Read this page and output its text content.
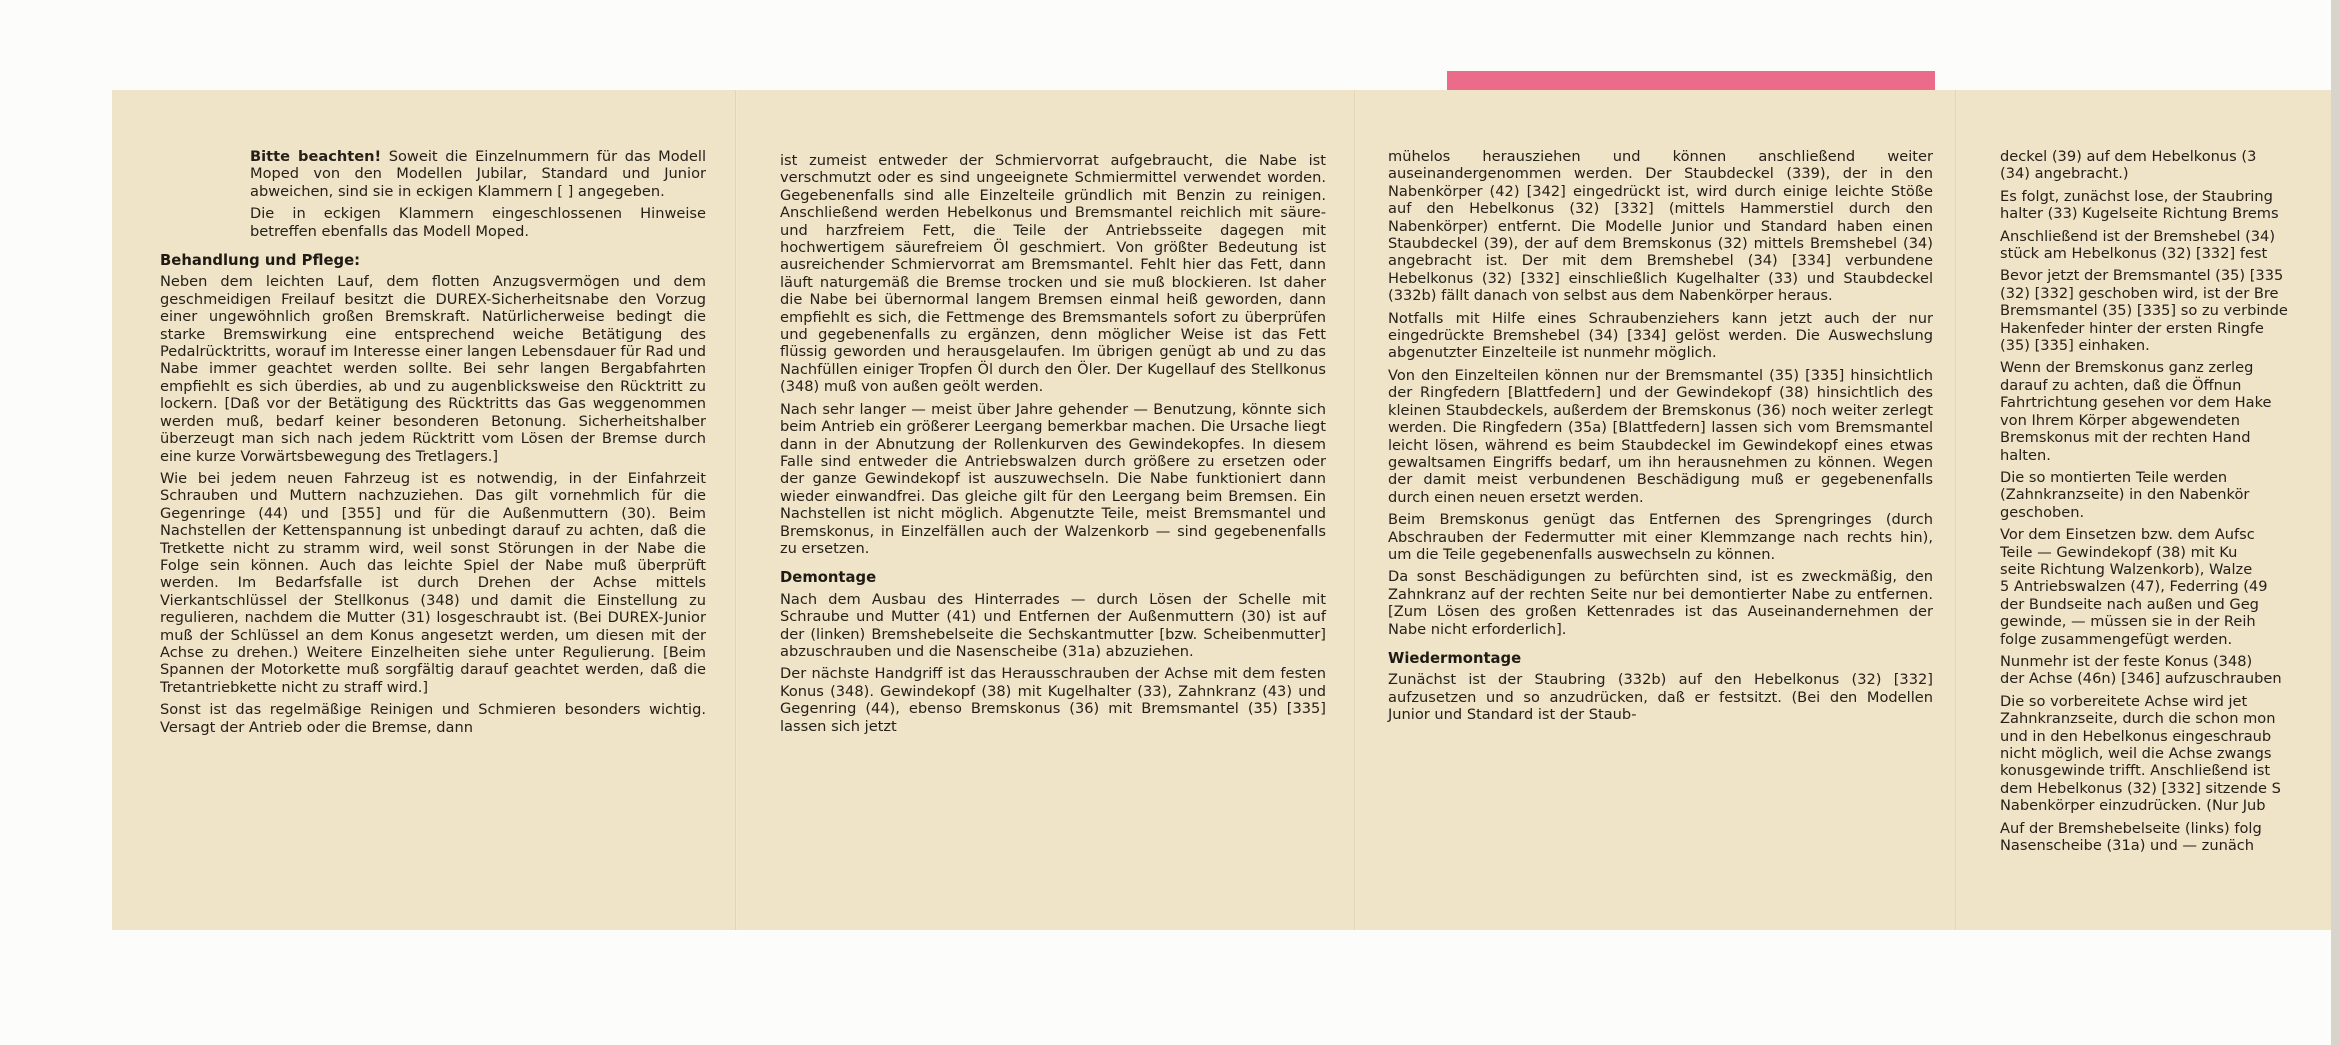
Bitte beachten! Soweit die Einzelnummern für das Modell Moped von den Modellen Jubilar, Standard und Junior abweichen, sind sie in eckigen Klammern [ ] angegeben.

Die in eckigen Klammern eingeschlossenen Hinweise betreffen ebenfalls das Modell Moped.

Behandlung und Pflege:

Neben dem leichten Lauf, dem flotten Anzugsvermögen und dem geschmeidigen Freilauf besitzt die DUREX-Sicherheitsnabe den Vorzug einer ungewöhnlich großen Bremskraft. Natürlicherweise bedingt die starke Bremswirkung eine entsprechend weiche Betätigung des Pedalrücktritts, worauf im Interesse einer langen Lebensdauer für Rad und Nabe immer geachtet werden sollte. Bei sehr langen Bergabfahrten empfiehlt es sich überdies, ab und zu augenblicksweise den Rücktritt zu lockern. [Daß vor der Betätigung des Rücktritts das Gas weggenommen werden muß, bedarf keiner besonderen Betonung. Sicherheitshalber überzeugt man sich nach jedem Rücktritt vom Lösen der Bremse durch eine kurze Vorwärtsbewegung des Tretlagers.]

Wie bei jedem neuen Fahrzeug ist es notwendig, in der Einfahrzeit Schrauben und Muttern nachzuziehen. Das gilt vornehmlich für die Gegenringe (44) und [355] und für die Außenmuttern (30). Beim Nachstellen der Kettenspannung ist unbedingt darauf zu achten, daß die Tretkette nicht zu stramm wird, weil sonst Störungen in der Nabe die Folge sein können. Auch das leichte Spiel der Nabe muß überprüft werden. Im Bedarfsfalle ist durch Drehen der Achse mittels Vierkantschlüssel der Stellkonus (348) und damit die Einstellung zu regulieren, nachdem die Mutter (31) losgeschraubt ist. (Bei DUREX-Junior muß der Schlüssel an dem Konus angesetzt werden, um diesen mit der Achse zu drehen.) Weitere Einzelheiten siehe unter Regulierung. [Beim Spannen der Motorkette muß sorgfältig darauf geachtet werden, daß die Tretantriebkette nicht zu straff wird.]

Sonst ist das regelmäßige Reinigen und Schmieren besonders wichtig. Versagt der Antrieb oder die Bremse, dann

ist zumeist entweder der Schmiervorrat aufgebraucht, die Nabe ist verschmutzt oder es sind ungeeignete Schmiermittel verwendet worden. Gegebenenfalls sind alle Einzelteile gründlich mit Benzin zu reinigen. Anschließend werden Hebelkonus und Bremsmantel reichlich mit säure- und harzfreiem Fett, die Teile der Antriebsseite dagegen mit hochwertigem säurefreiem Öl geschmiert. Von größter Bedeutung ist ausreichender Schmiervorrat am Bremsmantel. Fehlt hier das Fett, dann läuft naturgemäß die Bremse trocken und sie muß blockieren. Ist daher die Nabe bei übernormal langem Bremsen einmal heiß geworden, dann empfiehlt es sich, die Fettmenge des Bremsmantels sofort zu überprüfen und gegebenenfalls zu ergänzen, denn möglicher Weise ist das Fett flüssig geworden und herausgelaufen. Im übrigen genügt ab und zu das Nachfüllen einiger Tropfen Öl durch den Öler. Der Kugellauf des Stellkonus (348) muß von außen geölt werden.

Nach sehr langer — meist über Jahre gehender — Benutzung, könnte sich beim Antrieb ein größerer Leergang bemerkbar machen. Die Ursache liegt dann in der Abnutzung der Rollenkurven des Gewindekopfes. In diesem Falle sind entweder die Antriebswalzen durch größere zu ersetzen oder der ganze Gewindekopf ist auszuwechseln. Die Nabe funktioniert dann wieder einwandfrei. Das gleiche gilt für den Leergang beim Bremsen. Ein Nachstellen ist nicht möglich. Abgenutzte Teile, meist Bremsmantel und Bremskonus, in Einzelfällen auch der Walzenkorb — sind gegebenenfalls zu ersetzen.

Demontage

Nach dem Ausbau des Hinterrades — durch Lösen der Schelle mit Schraube und Mutter (41) und Entfernen der Außenmuttern (30) ist auf der (linken) Bremshebelseite die Sechskantmutter [bzw. Scheibenmutter] abzuschrauben und die Nasenscheibe (31a) abzuziehen.

Der nächste Handgriff ist das Herausschrauben der Achse mit dem festen Konus (348). Gewindekopf (38) mit Kugelhalter (33), Zahnkranz (43) und Gegenring (44), ebenso Bremskonus (36) mit Bremsmantel (35) [335] lassen sich jetzt

mühelos herausziehen und können anschließend weiter auseinandergenommen werden. Der Staubdeckel (339), der in den Nabenkörper (42) [342] eingedrückt ist, wird durch einige leichte Stöße auf den Hebelkonus (32) [332] (mittels Hammerstiel durch den Nabenkörper) entfernt. Die Modelle Junior und Standard haben einen Staubdeckel (39), der auf dem Bremskonus (32) mittels Bremshebel (34) angebracht ist. Der mit dem Bremshebel (34) [334] verbundene Hebelkonus (32) [332] einschließlich Kugelhalter (33) und Staubdeckel (332b) fällt danach von selbst aus dem Nabenkörper heraus.

Notfalls mit Hilfe eines Schraubenziehers kann jetzt auch der nur eingedrückte Bremshebel (34) [334] gelöst werden. Die Auswechslung abgenutzter Einzelteile ist nunmehr möglich.

Von den Einzelteilen können nur der Bremsmantel (35) [335] hinsichtlich der Ringfedern [Blattfedern] und der Gewindekopf (38) hinsichtlich des kleinen Staubdeckels, außerdem der Bremskonus (36) noch weiter zerlegt werden. Die Ringfedern (35a) [Blattfedern] lassen sich vom Bremsmantel leicht lösen, während es beim Staubdeckel im Gewindekopf eines etwas gewaltsamen Eingriffs bedarf, um ihn herausnehmen zu können. Wegen der damit meist verbundenen Beschädigung muß er gegebenenfalls durch einen neuen ersetzt werden.

Beim Bremskonus genügt das Entfernen des Sprengringes (durch Abschrauben der Federmutter mit einer Klemmzange nach rechts hin), um die Teile gegebenenfalls auswechseln zu können.

Da sonst Beschädigungen zu befürchten sind, ist es zweckmäßig, den Zahnkranz auf der rechten Seite nur bei demontierter Nabe zu entfernen. [Zum Lösen des großen Kettenrades ist das Auseinandernehmen der Nabe nicht erforderlich].

Wiedermontage

Zunächst ist der Staubring (332b) auf den Hebelkonus (32) [332] aufzusetzen und so anzudrücken, daß er festsitzt. (Bei den Modellen Junior und Standard ist der Staub-

deckel (39) auf dem Hebelkonus (3

(34) angebracht.)

Es folgt, zunächst lose, der Staubring

halter (33) Kugelseite Richtung Brems

Anschließend ist der Bremshebel (34)

stück am Hebelkonus (32) [332] fest

Bevor jetzt der Bremsmantel (35) [335

(32) [332] geschoben wird, ist der Bre

Bremsmantel (35) [335] so zu verbinde

Hakenfeder hinter der ersten Ringfe

(35) [335] einhaken.

Wenn der Bremskonus ganz zerleg

darauf zu achten, daß die Öffnun

Fahrtrichtung gesehen vor dem Hake

von Ihrem Körper abgewendeten

Bremskonus mit der rechten Hand

halten.

Die so montierten Teile werden

(Zahnkranzseite) in den Nabenkör

geschoben.

Vor dem Einsetzen bzw. dem Aufsc

Teile — Gewindekopf (38) mit Ku

seite Richtung Walzenkorb), Walze

5 Antriebswalzen (47), Federring (49

der Bundseite nach außen und Geg

gewinde, — müssen sie in der Reih

folge zusammengefügt werden.

Nunmehr ist der feste Konus (348)

der Achse (46n) [346] aufzuschrauben

Die so vorbereitete Achse wird jet

Zahnkranzseite, durch die schon mon

und in den Hebelkonus eingeschraub

nicht möglich, weil die Achse zwangs

konusgewinde trifft. Anschließend ist

dem Hebelkonus (32) [332] sitzende S

Nabenkörper einzudrücken. (Nur Jub

Auf der Bremshebelseite (links) folg

Nasenscheibe (31a) und — zunäch
